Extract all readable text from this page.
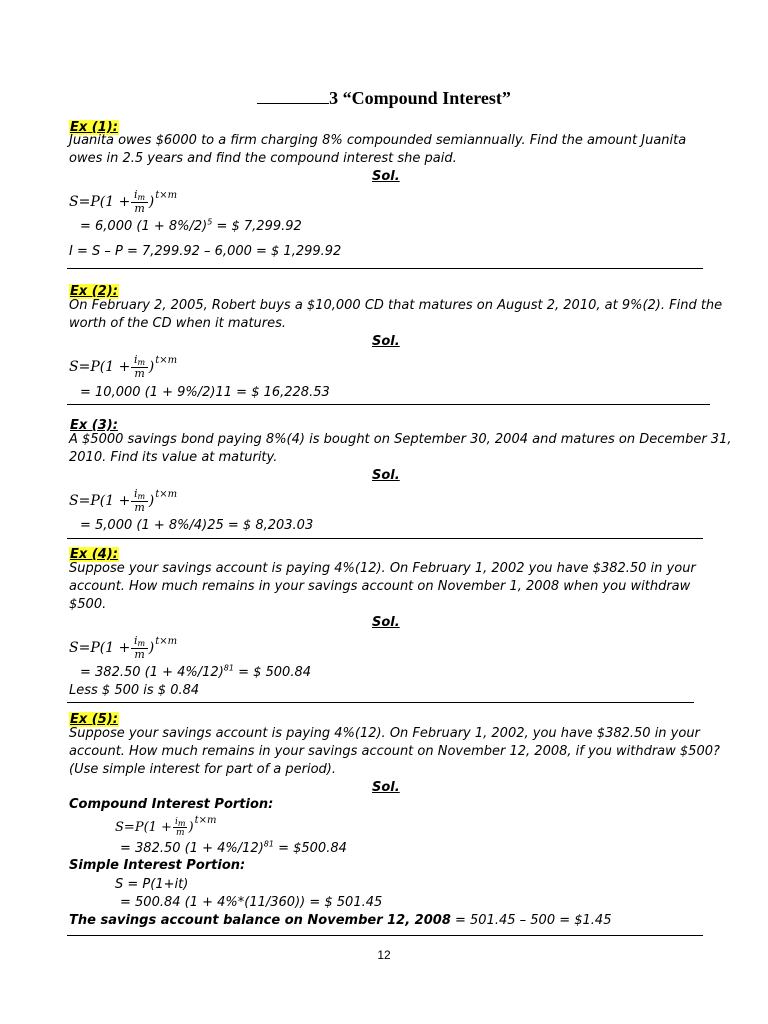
3 “Compound Interest”
Ex (1):
Juanita owes $6000 to a firm charging 8% compounded semiannually. Find the amount Juanita
owes in 2.5 years and find the compound interest she paid.
Sol.
S = P ($1 + \frac{im}{m}$ ) t×m
= 6,000 $(1 + 8\%/2)^5$ = $ 7,299.92
I = S – P = 7,299.92 – 6,000 = $ 1,299.92
Ex (2):
On February 2, 2005, Robert buys a $10,000 CD that matures on August 2, 2010, at 9%(2). Find the
worth of the CD when it matures.
Sol.
S = P ($1 + \frac{im}{m}$ ) t×m
= 10,000 (1 + 9%/2)11 = $ 16,228.53
Ex (3):
A $5000 savings bond paying 8%(4) is bought on September 30, 2004 and matures on December 31,
2010. Find its value at maturity.
Sol.
S = P ($1 + \frac{im}{m}$ ) t×m
= 5,000 (1 + 8%/4)25 = $ 8,203.03
Ex (4):
Suppose your savings account is paying 4%(12). On February 1, 2002 you have $382.50 in your
account. How much remains in your savings account on November 1, 2008 when you withdraw
$500.
Sol.
S = P ($1 + \frac{im}{m}$ ) t×m
= 382.50 $(1 + 4\%/12)^{81}$ = $ 500.84
Less $ 500 is $ 0.84
Ex (5):
Suppose your savings account is paying 4%(12). On February 1, 2002, you have $382.50 in your
account. How much remains in your savings account on November 12, 2008, if you withdraw $500?
(Use simple interest for part of a period).
Sol.
Compound Interest Portion:
S = P ($1 + \frac{im}{m}$ ) t×m
= 382.50 $(1 + 4\%/12)^{81}$ = $500.84
Simple Interest Portion:
S = P(1+it)
= 500.84 (1 + 4%*(11/360)) = $ 501.45
The savings account balance on November 12, 2008 = 501.45 – 500 = $1.45
12
